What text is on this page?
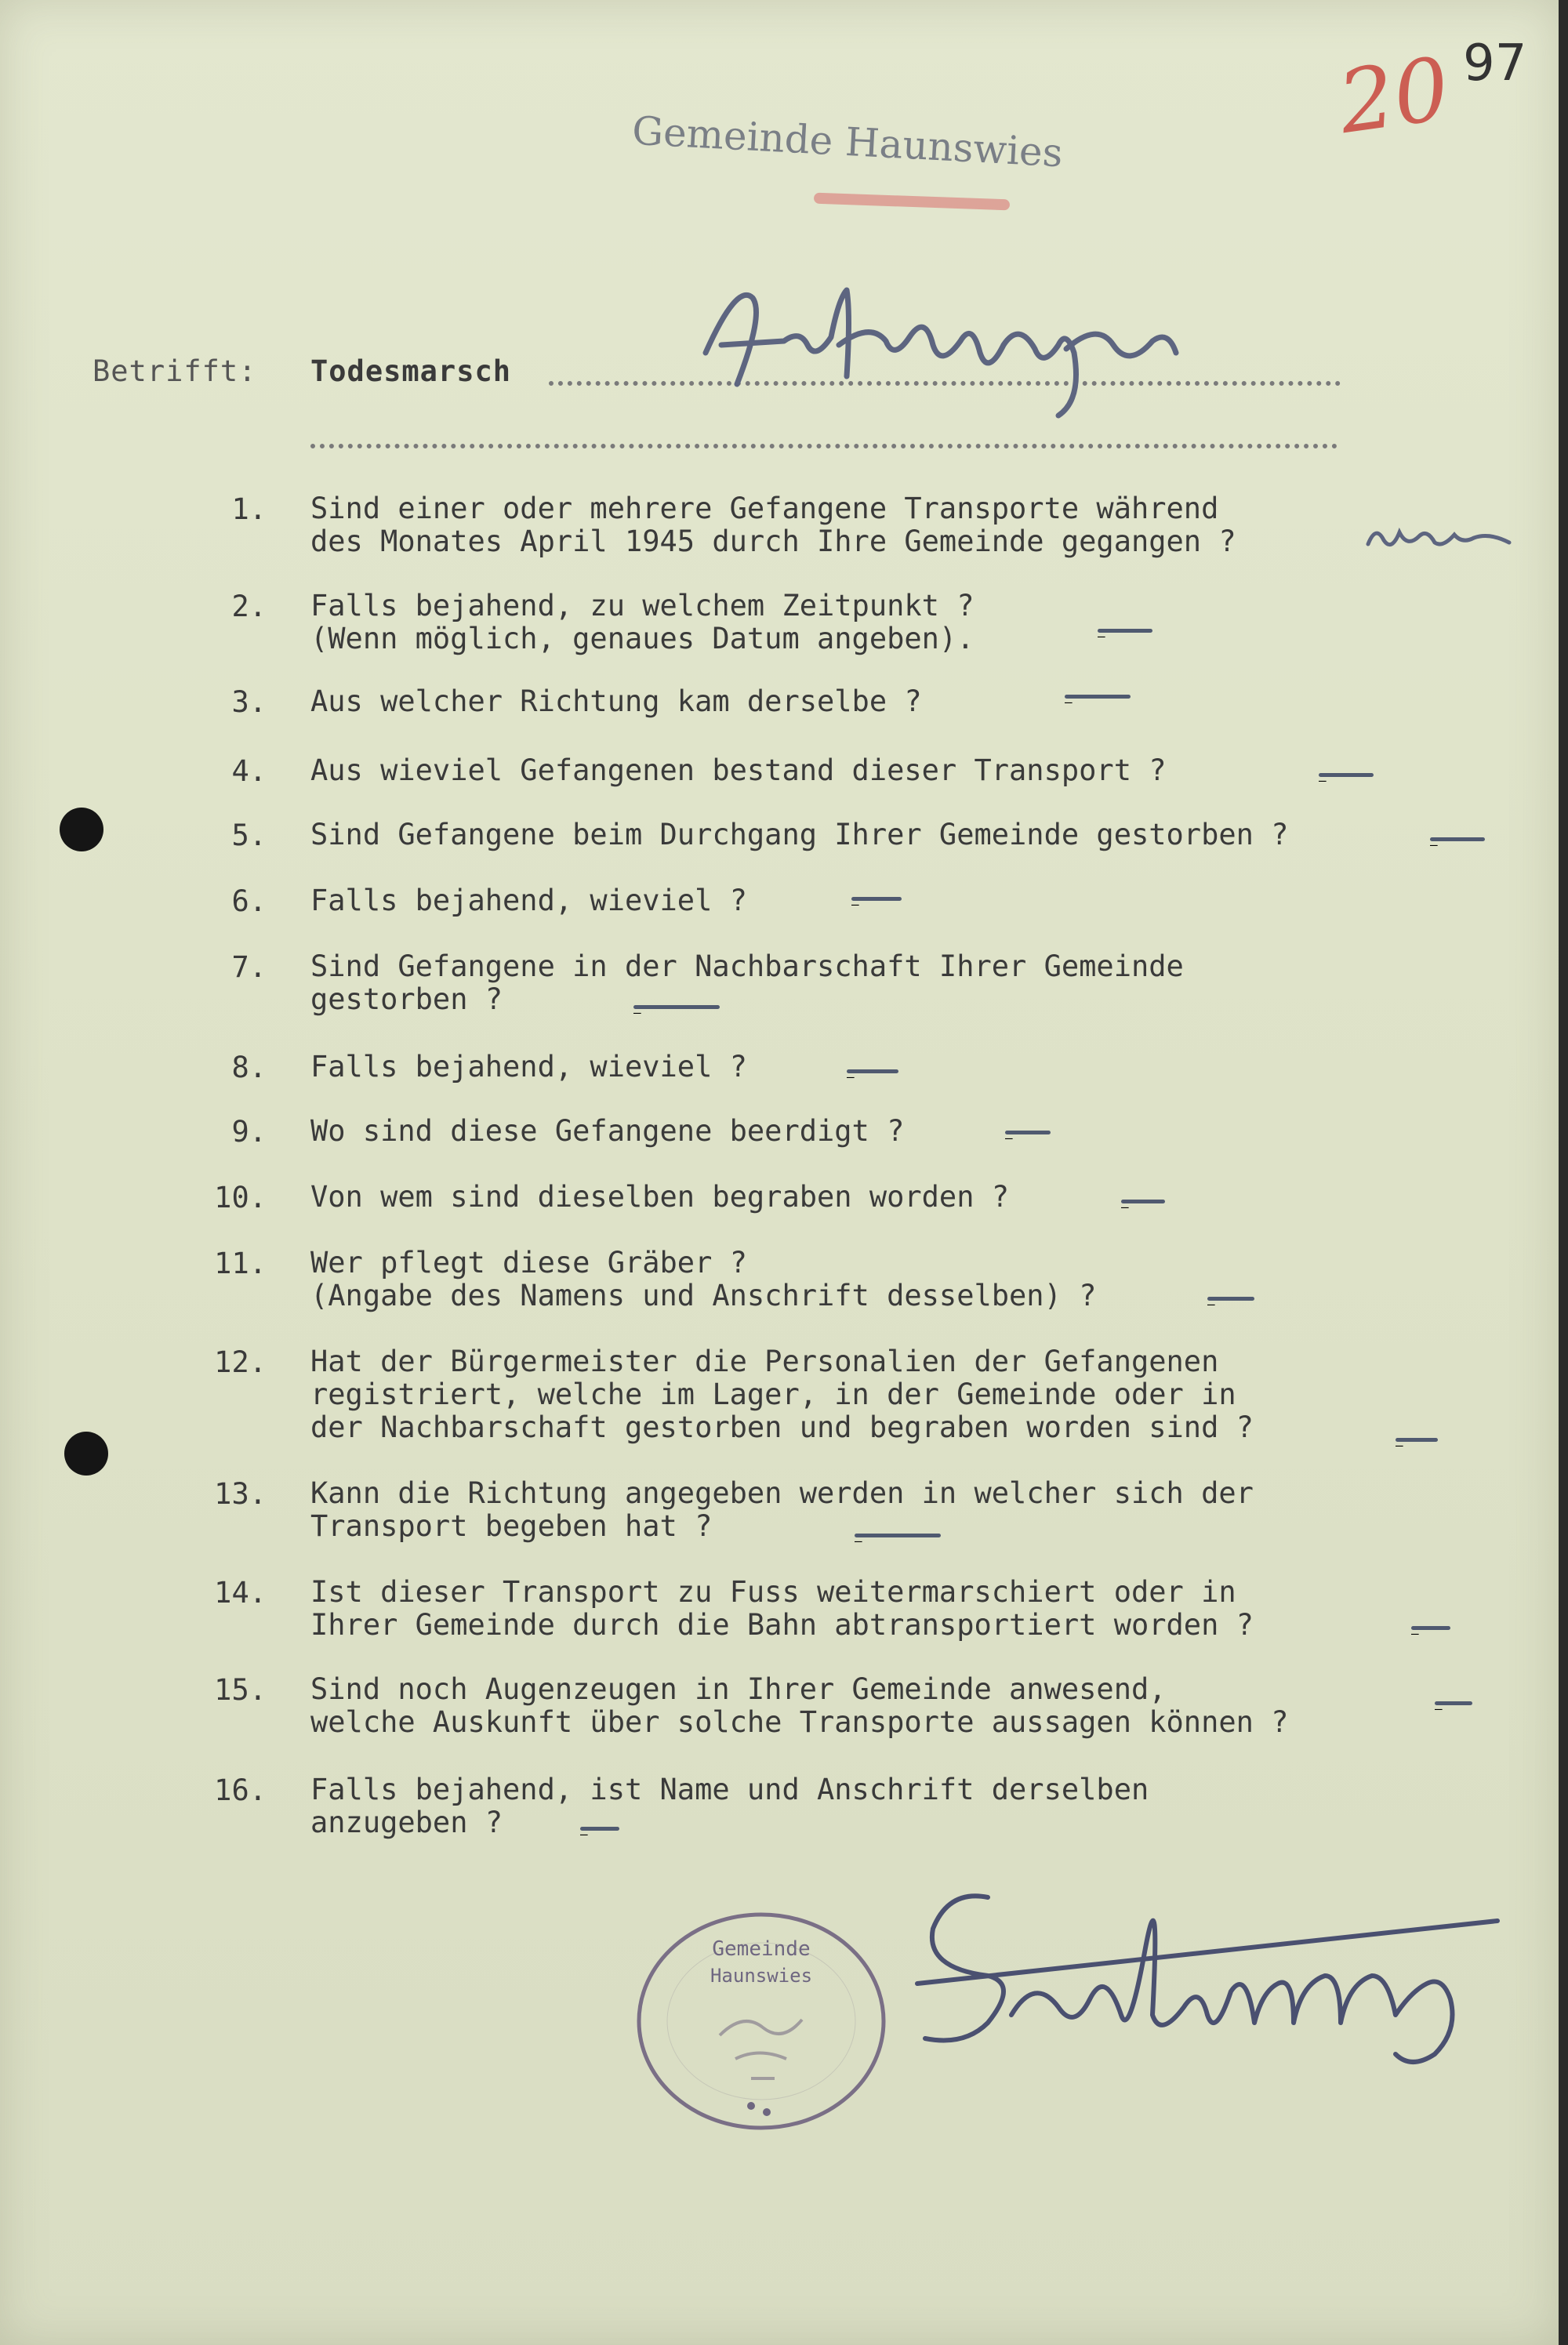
97
20
Gemeinde Haunswies
Betrifft: Todesmarsch
1. Sind einer oder mehrere Gefangene Transporte während
des Monates April 1945 durch Ihre Gemeinde gegangen ?
2. Falls bejahend, zu welchem Zeitpunkt ?
(Wenn möglich, genaues Datum angeben).	—
3. Aus welcher Richtung kam derselbe ?	—
4. Aus wieviel Gefangenen bestand dieser Transport ?	—
5. Sind Gefangene beim Durchgang Ihrer Gemeinde gestorben ?	—
6. Falls bejahend, wieviel ?	—
7. Sind Gefangene in der Nachbarschaft Ihrer Gemeinde
gestorben ?	—
8. Falls bejahend, wieviel ?	—
9. Wo sind diese Gefangene beerdigt ?	—
10. Von wem sind dieselben begraben worden ?	—
11. Wer pflegt diese Gräber ?
(Angabe des Namens und Anschrift desselben) ?	—
12. Hat der Bürgermeister die Personalien der Gefangenen
registriert, welche im Lager, in der Gemeinde oder in
der Nachbarschaft gestorben und begraben worden sind ?
—
13. Kann die Richtung angegeben werden in welcher sich der
Transport begeben hat ?	—
14. Ist dieser Transport zu Fuss weitermarschiert oder in
Ihrer Gemeinde durch die Bahn abtransportiert worden ?	—
15. Sind noch Augenzeugen in Ihrer Gemeinde anwesend,
welche Auskunft über solche Transporte aussagen können ?	—
16. Falls bejahend, ist Name und Anschrift derselben
anzugeben ?	—
Gemeinde
Haunswies
